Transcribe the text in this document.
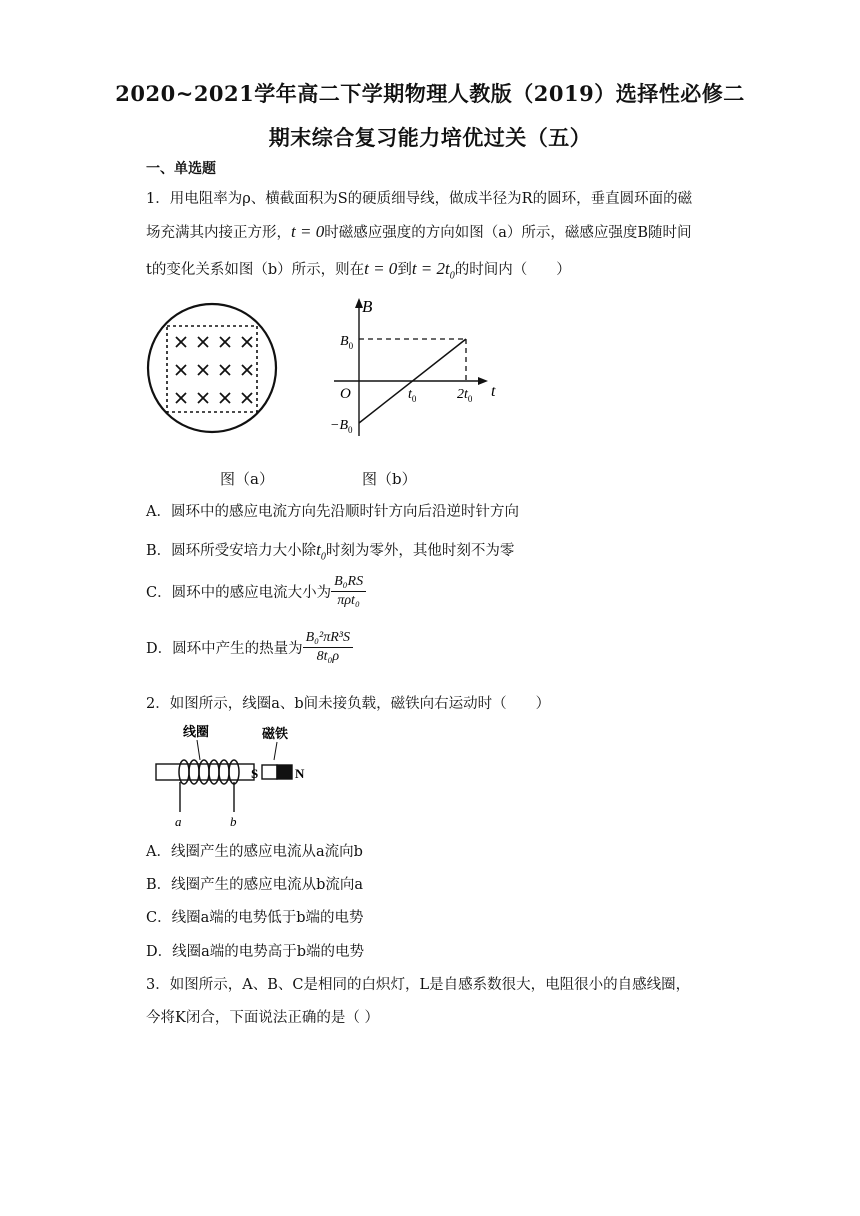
2020~2021学年高二下学期物理人教版（2019）选择性必修二
期末综合复习能力培优过关（五）
一、单选题
1．用电阻率为ρ、横截面积为S的硬质细导线，做成半径为R的圆环，垂直圆环面的磁
场充满其内接正方形，t = 0时磁感应强度的方向如图（a）所示，磁感应强度B随时间
t的变化关系如图（b）所示，则在t = 0到$t = 2t_0$的时间内（　　）
图（a）
B
t
O
$B_0$
$-B_0$
$t_0$	$2t_0$
图（b）
A．圆环中的感应电流方向先沿顺时针方向后沿逆时针方向
B．圆环所受安培力大小除$t_0$时刻为零外，其他时刻不为零
C．圆环中的感应电流大小为 $\frac{\text{B₀RS}}{\text{πρt₀}}$
D．圆环中产生的热量为 $\frac{\text{B₀²πR³S}}{\text{8t₀ρ}}$
2．如图所示，线圈a、b间未接负载，磁铁向右运动时（　　）
线圈	磁铁
a	b
S	N
A．线圈产生的感应电流从a流向b
B．线圈产生的感应电流从b流向a
C．线圈a端的电势低于b端的电势
D．线圈a端的电势高于b端的电势
3．如图所示，A、B、C是相同的白炽灯，L是自感系数很大，电阻很小的自感线圈，
今将K闭合，下面说法正确的是（ ）
